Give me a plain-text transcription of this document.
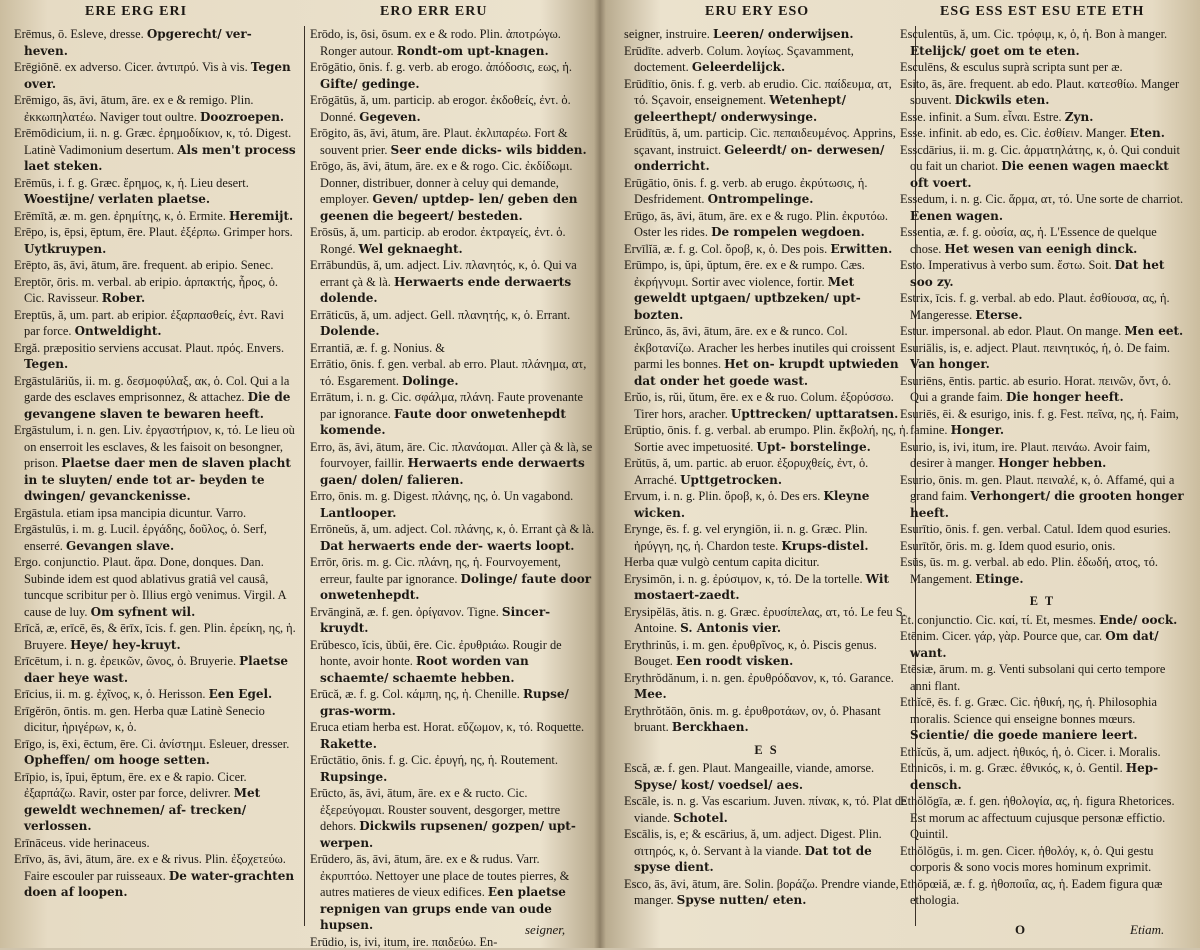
ERE ERG ERI	ERO ERR ERU

Erēmus, ō. Esleve, dresse. Opgerecht/ ver- heven.

Erēgiōnē. ex adverso. Cicer. ἀντιπρύ. Vis à vis. Tegen over.

Erēmigo, ās, āvi, ātum, āre. ex e & remigo. Plin. ἐκκωπηλατέω. Naviger tout oultre. Doozroepen.

Erēmōdicium, ii. n. g. Græc. ἐρημοδίκιον, κ, τό. Digest. Latinè Vadimonium desertum. Als men't process laet steken.

Erēmūs, i. f. g. Græc. ἔρημος, κ, ἡ. Lieu desert. Woestijne/ verlaten plaetse.

Erēmītă, æ. m. gen. ἐρημίτης, κ, ὁ. Ermite. Heremijt.

Erēpo, is, ēpsi, ēptum, ēre. Plaut. ἐξέρπω. Grimper hors. Uytkruypen.

Erēpto, ās, āvi, ātum, āre. frequent. ab eripio. Senec.

Ereptōr, ōris. m. verbal. ab eripio. ἁρπακτής, ἧρος, ὁ. Cic. Ravisseur. Rober.

Ereptūs, ă, um. part. ab eripior. ἐξαρπασθείς, ἐντ. Ravi par force. Ontweldight.

Ergă. præpositio serviens accusat. Plaut. πρός. Envers. Tegen.

Ergāstulāriŭs, ii. m. g. δεσμοφύλαξ, ακ, ὁ. Col. Qui a la garde des esclaves emprisonnez, & attachez. Die de gevangene slaven te bewaren heeft.

Ergāstulum, i. n. gen. Liv. ἐργαστήριον, κ, τό. Le lieu où on enserroit les esclaves, & les faisoit on besongner, prison. Plaetse daer men de slaven placht in te sluyten/ ende tot ar- beyden te dwingen/ gevanckenisse.

Ergāstula. etiam ipsa mancipia dicuntur. Varro.

Ergāstulūs, i. m. g. Lucil. ἐργάδης, δοῦλος, ὁ. Serf, enserré. Gevangen slave.

Ergo. conjunctio. Plaut. ἄρα. Done, donques. Dan. Subinde idem est quod ablativus gratiâ vel causâ, tuncque scribitur per ò. Illius ergò venimus. Virgil. A cause de luy. Om syfnent wil.

Erīcă, æ, erīcē, ēs, & ērīx, īcis. f. gen. Plin. ἐρείκη, ης, ἡ. Bruyere. Heye/ hey-kruyt.

Erīcētum, i. n. g. ἐρεικῶν, ῶνος, ὁ. Bruyerie. Plaetse daer heye wast.

Erīcius, ii. m. g. ἐχῖνος, κ, ὁ. Herisson. Een Egel.

Erīgĕrōn, ōntis. m. gen. Herba quæ Latinè Senecio dicitur, ἠριγέρων, κ, ὁ.

Erīgo, is, ēxi, ēctum, ēre. Ci. ἀνίστημι. Esleuer, dresser. Opheffen/ om hooge setten.

Erīpio, is, ĭpui, ēptum, ēre. ex e & rapio. Cicer. ἐξαρπάζω. Ravir, oster par force, delivrer. Met geweldt wechnemen/ af- trecken/ verlossen.

Erīnāceus. vide herinaceus.

Erīvo, ās, āvi, ātum, āre. ex e & rivus. Plin. ἐξοχετεύω. Faire escouler par ruisseaux. De water-grachten doen af loopen.

Erōdo, is, ōsi, ōsum. ex e & rodo. Plin. ἀποτρώγω. Ronger autour. Rondt-om upt-knagen.

Erōgātio, ōnis. f. g. verb. ab erogo. ἀπόδοσις, εως, ἡ. Gifte/ gedinge.

Erōgātūs, ă, um. particip. ab erogor. ἐκδοθείς, ἐντ. ὁ. Donné. Gegeven.

Erōgito, ās, āvi, ātum, āre. Plaut. ἐκλιπαρέω. Fort & souvent prier. Seer ende dicks- wils bidden.

Erōgo, ās, āvi, ātum, āre. ex e & rogo. Cic. ἐκδίδωμι. Donner, distribuer, donner à celuy qui demande, employer. Geven/ uptdep- len/ geben den geenen die begeert/ besteden.

Erōsūs, ă, um. particip. ab erodor. ἐκτραγείς, ἐντ. ὁ. Rongé. Wel geknaeght.

Errābundūs, ă, um. adject. Liv. πλανητός, κ, ὁ. Qui va errant çà & là. Herwaerts ende derwaerts dolende.

Errāticūs, ă, um. adject. Gell. πλανητής, κ, ὁ. Errant. Dolende.

Errantiā, æ. f. g. Nonius. &

Errātio, ōnis. f. gen. verbal. ab erro. Plaut. πλάνημα, ατ, τό. Esgarement. Dolinge.

Errātum, i. n. g. Cic. σφάλμα, πλάνη. Faute provenante par ignorance. Faute door onwetenhepdt komende.

Erro, ās, āvi, ātum, āre. Cic. πλανάομαι. Aller çà & là, se fourvoyer, faillir. Herwaerts ende derwaerts gaen/ dolen/ falieren.

Erro, ōnis. m. g. Digest. πλάνης, ης, ὁ. Un vagabond. Lantlooper.

Errōneŭs, ă, um. adject. Col. πλάνης, κ, ὁ. Errant çà & là. Dat herwaerts ende der- waerts loopt.

Errōr, ōris. m. g. Cic. πλάνη, ης, ἡ. Fourvoyement, erreur, faulte par ignorance. Dolinge/ faute door onwetenhepdt.

Ervāngină, æ. f. gen. ὀρίγανον. Tigne. Sincer-kruydt.

Erŭbesco, ĭcis, ŭbŭi, ēre. Cic. ἐρυθριάω. Rougir de honte, avoir honte. Root worden van schaemte/ schaemte hebben.

Erūcă, æ. f. g. Col. κάμπη, ης, ἡ. Chenille. Rupse/ gras-worm.

Eruca etiam herba est. Horat. εὔζωμον, κ, τό. Roquette. Rakette.

Erūctātio, ōnis. f. g. Cic. ἐρυγή, ης, ἡ. Routement. Rupsinge.

Erūcto, ās, āvi, ātum, āre. ex e & ructo. Cic. ἐξερεύγομαι. Rouster souvent, desgorger, mettre dehors. Dickwils rupsenen/ gozpen/ upt- werpen.

Erūdero, ās, āvi, ātum, āre. ex e & rudus. Varr. ἐκρυπτόω. Nettoyer une place de toutes pierres, & autres matieres de vieux edifices. Een plaetse repnigen van grups ende van oude hupsen.

Erūdio, is, ivi, itum, ire. παιδεύω. En-

seigner,
ERU ERY ESO	ESG ESS EST ESU ETE ETH

seigner, instruire. Leeren/ onderwijsen.

Erūdīte. adverb. Colum. λογίως. Sçavamment, doctement. Geleerdelijck.

Erūdītio, ōnis. f. g. verb. ab erudio. Cic. παίδευμα, ατ, τό. Sçavoir, enseignement. Wetenhept/ geleerthept/ onderwysinge.

Erūdītūs, ă, um. particip. Cic. πεπαιδευμένος. Apprins, sçavant, instruict. Geleerdt/ on- derwesen/ onderricht.

Erūgātio, ōnis. f. g. verb. ab erugo. ἐκρύτωσις, ἡ. Desfridement. Ontrompelinge.

Erūgo, ās, āvi, ātum, āre. ex e & rugo. Plin. ἐκρυτόω. Oster les rides. De rompelen wegdoen.

Ervīlĭā, æ. f. g. Col. ὄροβ, κ, ὁ. Des pois. Erwitten.

Erūmpo, is, ŭpi, ŭptum, ēre. ex e & rumpo. Cæs. ἐκρήγνυμι. Sortir avec violence, fortir. Met geweldt uptgaen/ uptbzeken/ upt- bozten.

Erŭnco, ās, āvi, ātum, āre. ex e & runco. Col. ἐκβοτανίζω. Aracher les herbes inutiles qui croissent parmi les bonnes. Het on- krupdt uptwieden dat onder het goede wast.

Erŭo, is, rŭi, ŭtum, ēre. ex e & ruo. Colum. ἐξορύσσω. Tirer hors, aracher. Upttrecken/ upttaratsen.

Erūptio, ōnis. f. g. verbal. ab erumpo. Plin. ἔκβολή, ης, ἡ. Sortie avec impetuosité. Upt- borstelinge.

Erŭtūs, ă, um. partic. ab eruor. ἐξορυχθείς, ἐντ, ὁ. Arraché. Upttgetrocken.

Ervum, i. n. g. Plin. ὄροβ, κ, ὁ. Des ers. Kleyne wicken.

Erynge, ēs. f. g. vel eryngiōn, ii. n. g. Græc. Plin. ἠρύγγη, ης, ἡ. Chardon teste. Krups-distel.

Herba quæ vulgò centum capita dicitur.

Erysimōn, i. n. g. ἐρύσιμον, κ, τό. De la tortelle. Wit mostaert-zaedt.

Erysipĕlās, ătis. n. g. Græc. ἐρυσίπελας, ατ, τό. Le feu S. Antoine. S. Antonis vier.

Erythrinŭs, i. m. gen. ἐρυθρῖνος, κ, ὁ. Piscis genus. Bouget. Een roodt visken.

Erythrŏdănum, i. n. gen. ἐρυθρόδανον, κ, τό. Garance. Mee.

Erythrŏtăōn, ōnis. m. g. ἐρυθροτάων, ον, ὁ. Phasant bruant. Berckhaen.

E S

Escă, æ. f. gen. Plaut. Mangeaille, viande, amorse. Spyse/ kost/ voedsel/ aes.

Escāle, is. n. g. Vas escarium. Juven. πίνακ, κ, τό. Plat de viande. Schotel.

Escālis, is, e; & escārius, ă, um. adject. Digest. Plin. σιτηρός, κ, ὁ. Servant à la viande. Dat tot de spyse dient.

Esco, ās, āvi, ātum, āre. Solin. βοράζω. Prendre viande, manger. Spyse nutten/ eten.

Esculentūs, ă, um. Cic. τρόφιμ, κ, ὁ, ἡ. Bon à manger. Etelijck/ goet om te eten.

Esculēns, & esculus suprà scripta sunt per æ.

Esito, ās, āre. frequent. ab edo. Plaut. κατεσθίω. Manger souvent. Dickwils eten.

Esse. infinit. a Sum. εἶναι. Estre. Zyn.

Esse. infinit. ab edo, es. Cic. ἐσθίειν. Manger. Eten.

Esscdārius, ii. m. g. Cic. ἁρματηλάτης, κ, ὁ. Qui conduit ou fait un chariot. Die eenen wagen maeckt oft voert.

Essedum, i. n. g. Cic. ἅρμα, ατ, τό. Une sorte de charriot. Eenen wagen.

Essentia, æ. f. g. οὐσία, ας, ἡ. L'Essence de quelque chose. Het wesen van eenigh dinck.

Esto. Imperativus à verbo sum. ἔστω. Soit. Dat het soo zy.

Estrix, īcis. f. g. verbal. ab edo. Plaut. ἐσθίουσα, ας, ἡ. Mangeresse. Eterse.

Estur. impersonal. ab edor. Plaut. On mange. Men eet.

Esuriālis, is, e. adject. Plaut. πεινητικός, ἡ, ὁ. De faim. Van honger.

Esuriēns, ēntis. partic. ab esurio. Horat. πεινῶν, ὄντ, ὁ. Qui a grande faim. Die honger heeft.

Esuriēs, ēi. & esurigo, inis. f. g. Fest. πεῖνα, ης, ἡ. Faim, famine. Honger.

Esurio, is, ivi, itum, ire. Plaut. πεινάω. Avoir faim, desirer à manger. Honger hebben.

Esurio, ōnis. m. gen. Plaut. πειναλέ, κ, ὁ. Affamé, qui a grand faim. Verhongert/ die grooten honger heeft.

Esurītio, ōnis. f. gen. verbal. Catul. Idem quod esuries.

Esurītŏr, ōris. m. g. Idem quod esurio, onis.

Esūs, ūs. m. g. verbal. ab edo. Plin. ἐδωδή, ατος, τό. Mangement. Etinge.

E T

Et. conjunctio. Cic. καί, τί. Et, mesmes. Ende/ oock.

Etēnim. Cicer. γάρ, γὰρ. Pource que, car. Om dat/ want.

Etēsiæ, ārum. m. g. Venti subsolani qui certo tempore anni flant.

Ethĭcē, ēs. f. g. Græc. Cic. ἠθική, ης, ἡ. Philosophia moralis. Science qui enseigne bonnes mœurs. Scientie/ die goede maniere leert.

Ethĭcŭs, ă, um. adject. ἠθικός, ἡ, ὁ. Cicer. i. Moralis.

Ethnicōs, i. m. g. Græc. ἐθνικός, κ, ὁ. Gentil. Hep- densch.

Ethŏlŏgīa, æ. f. gen. ἠθολογία, ας, ἡ. figura Rhetorices. Est morum ac affectuum cujusque personæ effictio. Quintil.

Ethŏlŏgūs, i. m. gen. Cicer. ἠθολόγ, κ, ὁ. Qui gestu corporis & sono vocis mores hominum exprimit.

Ethŏpœiă, æ. f. g. ἠθοποιΐα, ας, ἡ. Eadem figura quæ ethologia.

O	Etiam.
